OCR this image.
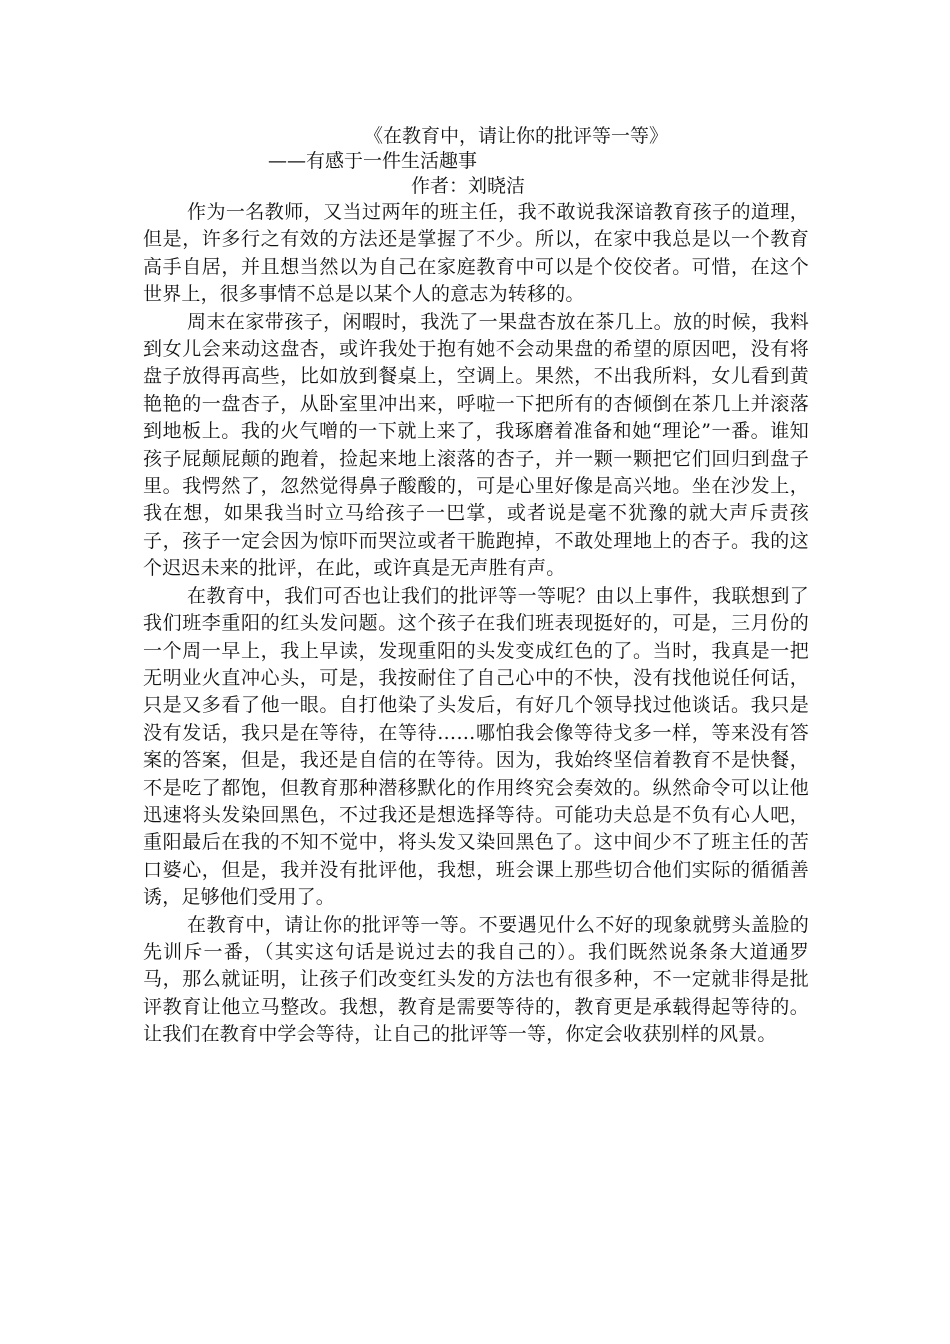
《在教育中，请让你的批评等一等》
——有感于一件生活趣事
作者：刘晓洁

作为一名教师，又当过两年的班主任，我不敢说我深谙教育孩子的道理，但是，许多行之有效的方法还是掌握了不少。所以，在家中我总是以一个教育高手自居，并且想当然以为自己在家庭教育中可以是个佼佼者。可惜，在这个世界上，很多事情不总是以某个人的意志为转移的。

周末在家带孩子，闲暇时，我洗了一果盘杏放在茶几上。放的时候，我料到女儿会来动这盘杏，或许我处于抱有她不会动果盘的希望的原因吧，没有将盘子放得再高些，比如放到餐桌上，空调上。果然，不出我所料，女儿看到黄艳艳的一盘杏子，从卧室里冲出来，呼啦一下把所有的杏倾倒在茶几上并滚落到地板上。我的火气噌的一下就上来了，我琢磨着准备和她“理论”一番。谁知孩子屁颠屁颠的跑着，捡起来地上滚落的杏子，并一颗一颗把它们回归到盘子里。我愕然了，忽然觉得鼻子酸酸的，可是心里好像是高兴地。坐在沙发上，我在想，如果我当时立马给孩子一巴掌，或者说是毫不犹豫的就大声斥责孩子，孩子一定会因为惊吓而哭泣或者干脆跑掉，不敢处理地上的杏子。我的这个迟迟未来的批评，在此，或许真是无声胜有声。

在教育中，我们可否也让我们的批评等一等呢？由以上事件，我联想到了我们班李重阳的红头发问题。这个孩子在我们班表现挺好的，可是，三月份的一个周一早上，我上早读，发现重阳的头发变成红色的了。当时，我真是一把无明业火直冲心头，可是，我按耐住了自己心中的不快，没有找他说任何话，只是又多看了他一眼。自打他染了头发后，有好几个领导找过他谈话。我只是没有发话，我只是在等待，在等待……哪怕我会像等待戈多一样，等来没有答案的答案，但是，我还是自信的在等待。因为，我始终坚信着教育不是快餐，不是吃了都饱，但教育那种潜移默化的作用终究会奏效的。纵然命令可以让他迅速将头发染回黑色，不过我还是想选择等待。可能功夫总是不负有心人吧，重阳最后在我的不知不觉中，将头发又染回黑色了。这中间少不了班主任的苦口婆心，但是，我并没有批评他，我想，班会课上那些切合他们实际的循循善诱，足够他们受用了。

在教育中，请让你的批评等一等。不要遇见什么不好的现象就劈头盖脸的先训斥一番，（其实这句话是说过去的我自己的）。我们既然说条条大道通罗马，那么就证明，让孩子们改变红头发的方法也有很多种，不一定就非得是批评教育让他立马整改。我想，教育是需要等待的，教育更是承载得起等待的。让我们在教育中学会等待，让自己的批评等一等，你定会收获别样的风景。
